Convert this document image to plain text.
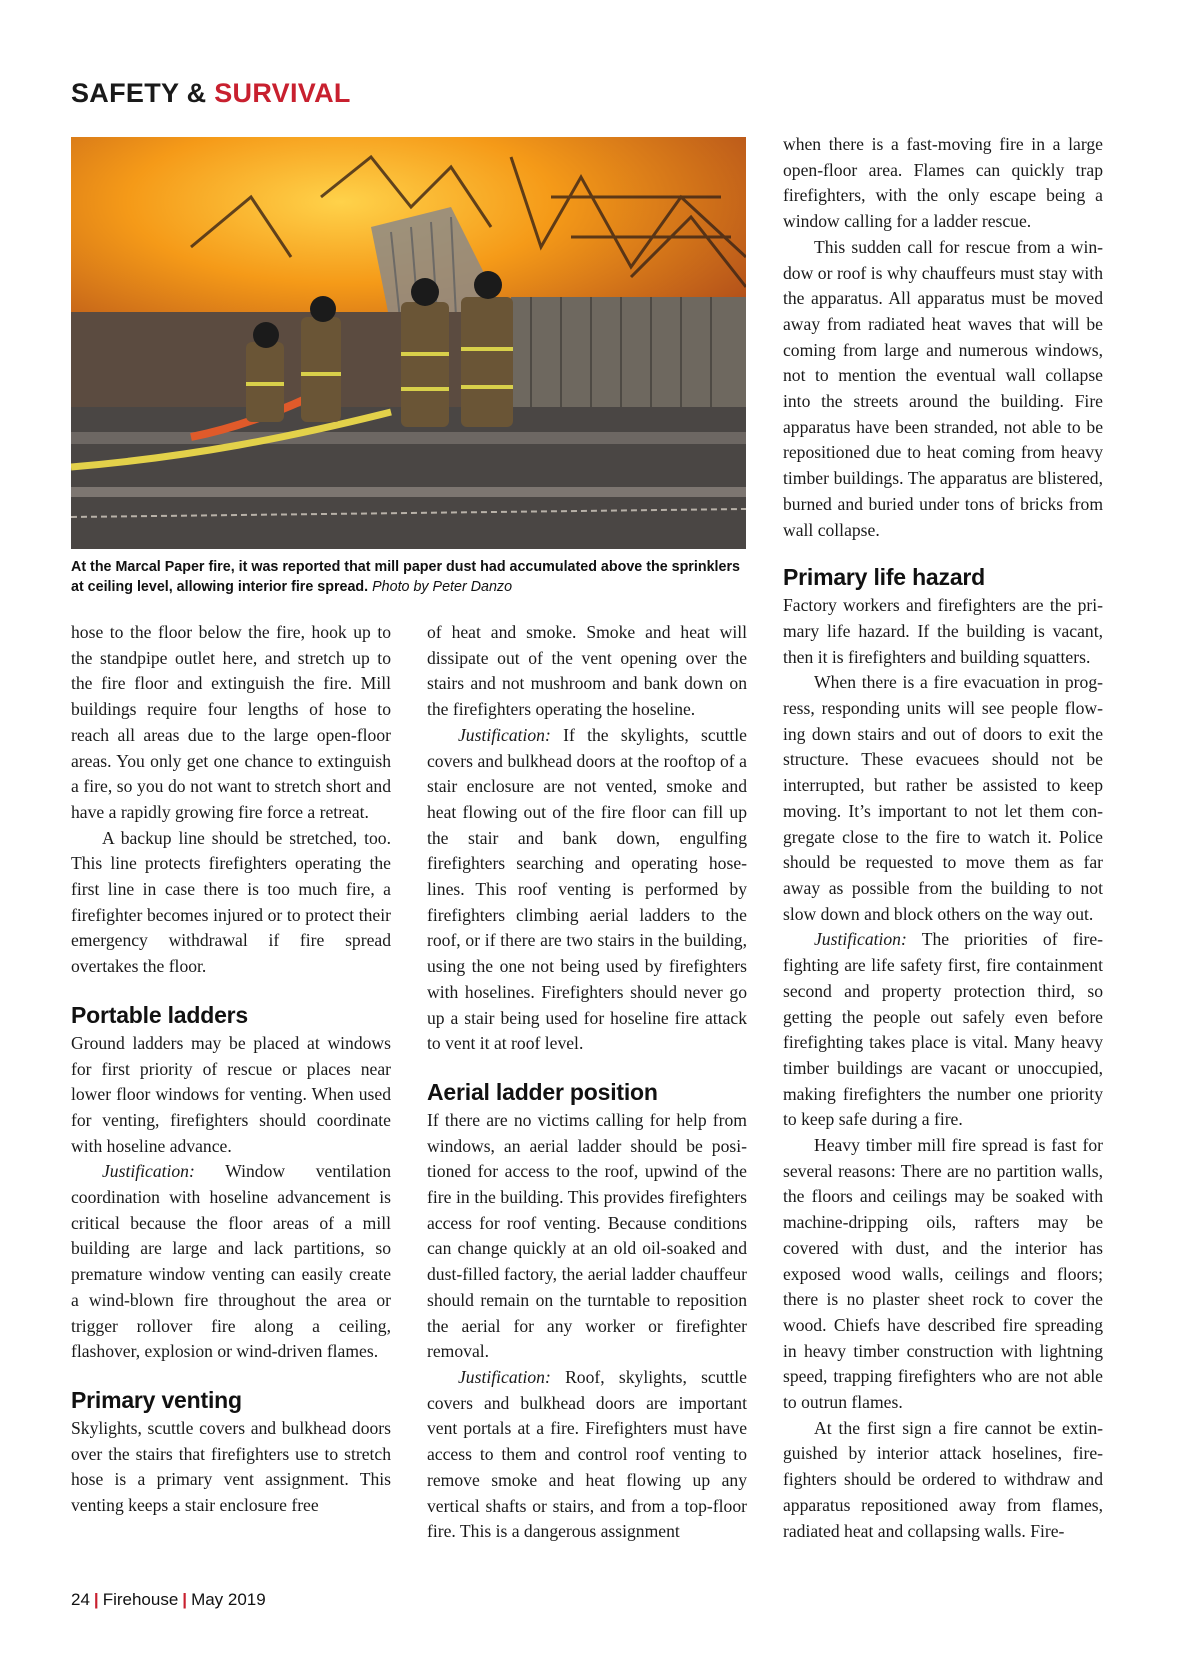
SAFETY & SURVIVAL

At the Marcal Paper fire, it was reported that mill paper dust had accumulated above the sprinklers at ceiling level, allowing interior fire spread. Photo by Peter Danzo

hose to the floor below the fire, hook up to the standpipe outlet here, and stretch up to the fire floor and extinguish the fire. Mill buildings require four lengths of hose to reach all areas due to the large open-floor areas. You only get one chance to extinguish a fire, so you do not want to stretch short and have a rapidly growing fire force a retreat.

A backup line should be stretched, too. This line protects firefighters operating the first line in case there is too much fire, a firefighter becomes injured or to protect their emergency withdrawal if fire spread overtakes the floor.

Portable ladders

Ground ladders may be placed at windows for first priority of rescue or places near lower floor windows for venting. When used for venting, firefighters should coordinate with hoseline advance.

Justification: Window ventilation coordination with hoseline advancement is critical because the floor areas of a mill building are large and lack partitions, so premature window venting can easily create a wind-blown fire throughout the area or trigger rollover fire along a ceiling, flashover, explosion or wind-driven flames.

Primary venting

Skylights, scuttle covers and bulkhead doors over the stairs that firefighters use to stretch hose is a primary vent assignment. This venting keeps a stair enclosure free

of heat and smoke. Smoke and heat will dissipate out of the vent opening over the stairs and not mushroom and bank down on the firefighters operating the hoseline.

Justification: If the skylights, scuttle covers and bulkhead doors at the rooftop of a stair enclosure are not vented, smoke and heat flowing out of the fire floor can fill up the stair and bank down, engulfing firefighters searching and operating hoselines. This roof venting is performed by firefighters climbing aerial ladders to the roof, or if there are two stairs in the building, using the one not being used by firefighters with hoselines. Firefighters should never go up a stair being used for hoseline fire attack to vent it at roof level.

Aerial ladder position

If there are no victims calling for help from windows, an aerial ladder should be positioned for access to the roof, upwind of the fire in the building. This provides firefighters access for roof venting. Because conditions can change quickly at an old oil-soaked and dust-filled factory, the aerial ladder chauffeur should remain on the turntable to reposition the aerial for any worker or firefighter removal.

Justification: Roof, skylights, scuttle covers and bulkhead doors are important vent portals at a fire. Firefighters must have access to them and control roof venting to remove smoke and heat flowing up any vertical shafts or stairs, and from a top-floor fire. This is a dangerous assignment

when there is a fast-moving fire in a large open-floor area. Flames can quickly trap firefighters, with the only escape being a window calling for a ladder rescue.

This sudden call for rescue from a window or roof is why chauffeurs must stay with the apparatus. All apparatus must be moved away from radiated heat waves that will be coming from large and numerous windows, not to mention the eventual wall collapse into the streets around the building. Fire apparatus have been stranded, not able to be repositioned due to heat coming from heavy timber buildings. The apparatus are blistered, burned and buried under tons of bricks from wall collapse.

Primary life hazard

Factory workers and firefighters are the primary life hazard. If the building is vacant, then it is firefighters and building squatters.

When there is a fire evacuation in progress, responding units will see people flowing down stairs and out of doors to exit the structure. These evacuees should not be interrupted, but rather be assisted to keep moving. It’s important to not let them congregate close to the fire to watch it. Police should be requested to move them as far away as possible from the building to not slow down and block others on the way out.

Justification: The priorities of firefighting are life safety first, fire containment second and property protection third, so getting the people out safely even before firefighting takes place is vital. Many heavy timber buildings are vacant or unoccupied, making firefighters the number one priority to keep safe during a fire.

Heavy timber mill fire spread is fast for several reasons: There are no partition walls, the floors and ceilings may be soaked with machine-dripping oils, rafters may be covered with dust, and the interior has exposed wood walls, ceilings and floors; there is no plaster sheet rock to cover the wood. Chiefs have described fire spreading in heavy timber construction with lightning speed, trapping firefighters who are not able to outrun flames.

At the first sign a fire cannot be extinguished by interior attack hoselines, firefighters should be ordered to withdraw and apparatus repositioned away from flames, radiated heat and collapsing walls. Fire-

24 | Firehouse | May 2019
